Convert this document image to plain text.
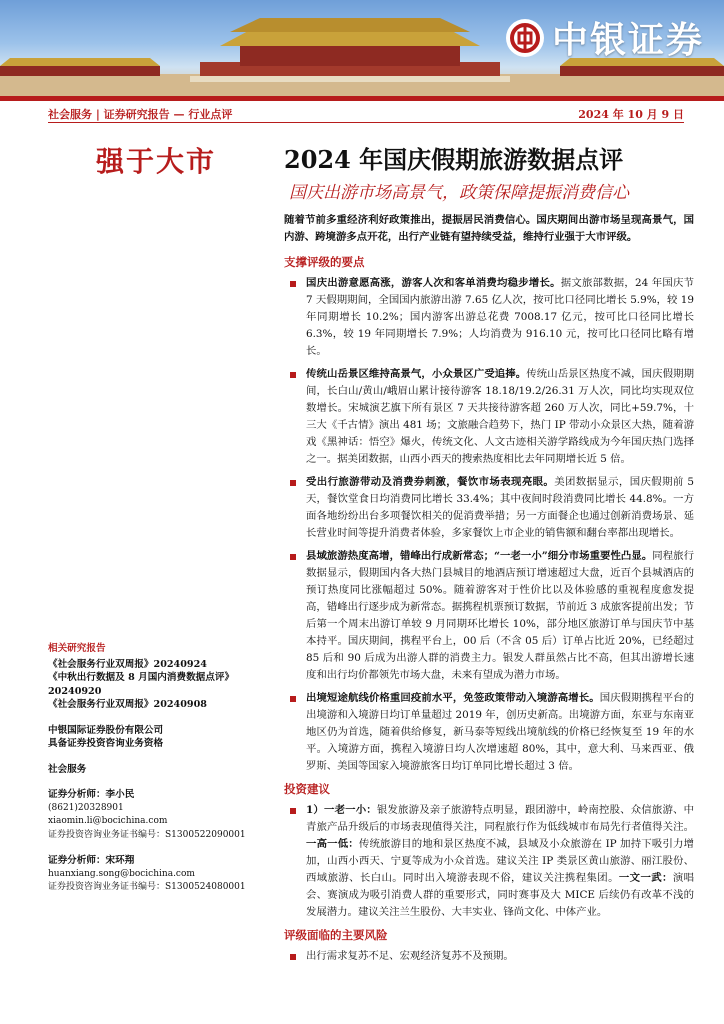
中银证券
社会服务 | 证券研究报告 — 行业点评	2024 年 10 月 9 日
强于大市	2024 年国庆假期旅游数据点评
国庆出游市场高景气，政策保障提振消费信心

随着节前多重经济利好政策推出，提振居民消费信心。国庆期间出游市场呈现高景气，国内游、跨境游多点开花，出行产业链有望持续受益，维持行业强于大市评级。

支撑评级的要点

国庆出游意愿高涨，游客人次和客单消费均稳步增长。据文旅部数据，24 年国庆节 7 天假期期间，全国国内旅游出游 7.65 亿人次，按可比口径同比增长 5.9%，较 19 年同期增长 10.2%；国内游客出游总花费 7008.17 亿元，按可比口径同比增长 6.3%，较 19 年同期增长 7.9%；人均消费为 916.10 元，按可比口径同比略有增长。
传统山岳景区维持高景气，小众景区广受追捧。传统山岳景区热度不减，国庆假期期间，长白山/黄山/峨眉山累计接待游客 18.18/19.2/26.31 万人次，同比均实现双位数增长。宋城演艺旗下所有景区 7 天共接待游客超 260 万人次，同比+59.7%，十三大《千古情》演出 481 场；文旅融合趋势下，热门 IP 带动小众景区大热，随着游戏《黑神话：悟空》爆火，传统文化、人文古迹相关游学路线成为今年国庆热门选择之一。据美团数据，山西小西天的搜索热度相比去年同期增长近 5 倍。
受出行旅游带动及消费券刺激，餐饮市场表现亮眼。美团数据显示，国庆假期前 5 天，餐饮堂食日均消费同比增长 33.4%；其中夜间时段消费同比增长 44.8%。一方面各地纷纷出台多项餐饮相关的促消费举措；另一方面餐企也通过创新消费场景、延长营业时间等提升消费者体验，多家餐饮上市企业的销售额和翻台率都出现增长。
县域旅游热度高增，错峰出行成新常态；“一老一小”细分市场重要性凸显。同程旅行数据显示，假期国内各大热门县城目的地酒店预订增速超过大盘，近百个县城酒店的预订热度同比涨幅超过 50%。随着游客对于性价比以及体验感的重视程度愈发提高，错峰出行逐步成为新常态。据携程机票预订数据，节前近 3 成旅客提前出发；节后第一个周末出游订单较 9 月同期环比增长 10%，部分地区旅游订单与国庆节中基本持平。国庆期间，携程平台上，00 后（不含 05 后）订单占比近 20%，已经超过 85 后和 90 后成为出游人群的消费主力。银发人群虽然占比不高，但其出游增长速度和出行均价都领先市场大盘，未来有望成为潜力市场。
出境短途航线价格重回疫前水平，免签政策带动入境游高增长。国庆假期携程平台的出境游和入境游日均订单量超过 2019 年，创历史新高。出境游方面，东亚与东南亚地区仍为首选，随着供给修复，新马泰等短线出境航线的价格已经恢复至 19 年的水平。入境游方面，携程入境游日均人次增速超 80%，其中，意大利、马来西亚、俄罗斯、美国等国家入境游旅客日均订单同比增长超过 3 倍。

投资建议

1）一老一小：银发旅游及亲子旅游特点明显，跟团游中，岭南控股、众信旅游、中青旅产品升级后的市场表现值得关注，同程旅行作为低线城市布局先行者值得关注。一高一低：传统旅游目的地和景区热度不减，县域及小众旅游在 IP 加持下吸引力增加，山西小西天、宁夏等成为小众首选。建议关注 IP 类景区黄山旅游、丽江股份、西域旅游、长白山。同时出入境游表现不俗，建议关注携程集团。一文一武：演唱会、赛演成为吸引消费人群的重要形式，同时赛事及大 MICE 后续仍有改革不浅的发展潜力。建议关注兰生股份、大丰实业、锋尚文化、中体产业。

评级面临的主要风险

出行需求复苏不足、宏观经济复苏不及预期。

相关研究报告

《社会服务行业双周报》20240924

《中秋出行数据及 8 月国内消费数据点评》20240920

《社会服务行业双周报》20240908

中银国际证券股份有限公司

具备证券投资咨询业务资格

社会服务

证券分析师：李小民

(8621)20328901

xiaomin.li@bocichina.com

证券投资咨询业务证书编号：S1300522090001

证券分析师：宋环翔

huanxiang.song@bocichina.com

证券投资咨询业务证书编号：S1300524080001
